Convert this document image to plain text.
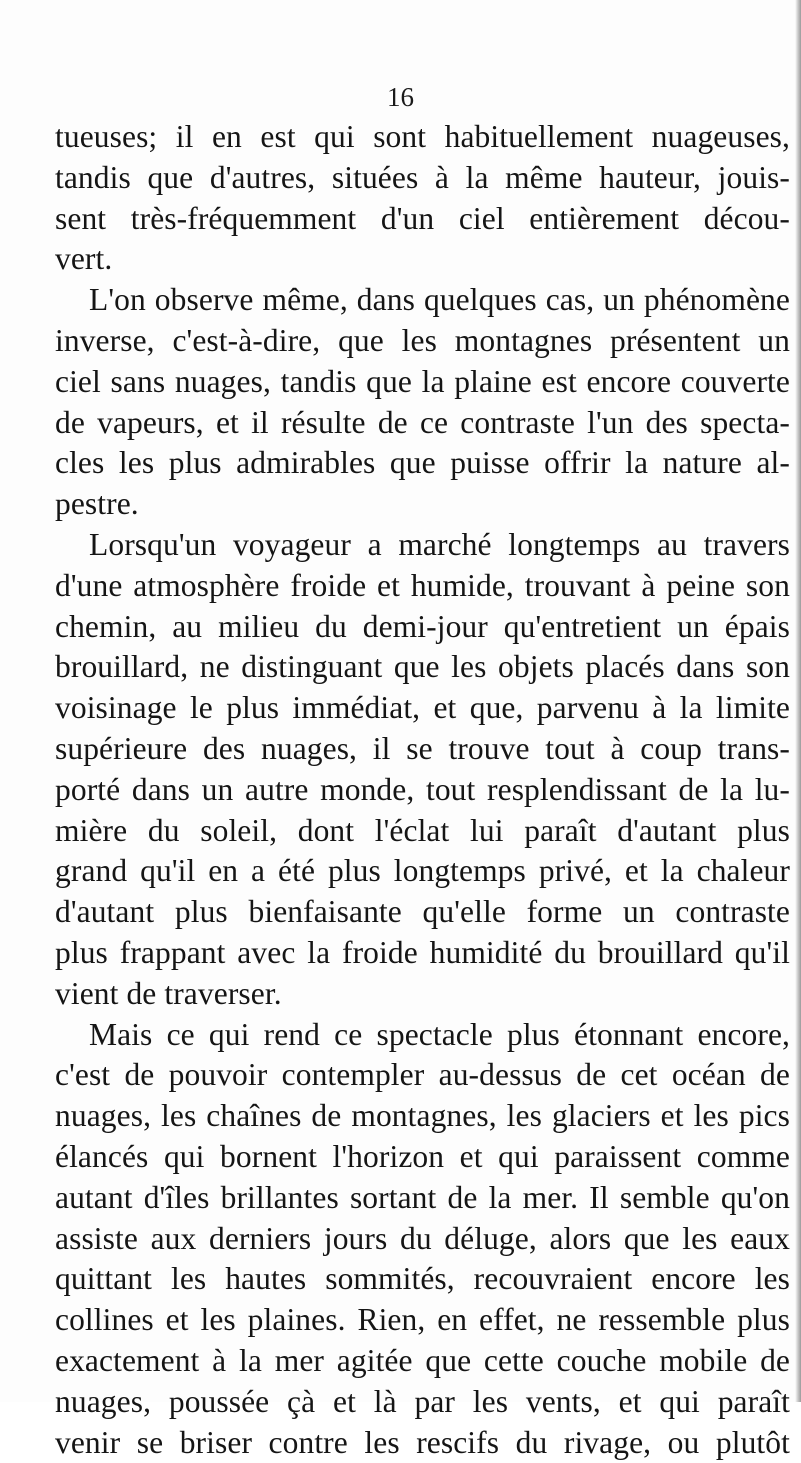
16
tueuses; il en est qui sont habituellement nuageuses,
tandis que d'autres, situées à la même hauteur, jouis-
sent très-fréquemment d'un ciel entièrement décou-
vert.
L'on observe même, dans quelques cas, un phénomène
inverse, c'est-à-dire, que les montagnes présentent un
ciel sans nuages, tandis que la plaine est encore couverte
de vapeurs, et il résulte de ce contraste l'un des specta-
cles les plus admirables que puisse offrir la nature al-
pestre.
Lorsqu'un voyageur a marché longtemps au travers
d'une atmosphère froide et humide, trouvant à peine son
chemin, au milieu du demi-jour qu'entretient un épais
brouillard, ne distinguant que les objets placés dans son
voisinage le plus immédiat, et que, parvenu à la limite
supérieure des nuages, il se trouve tout à coup trans-
porté dans un autre monde, tout resplendissant de la lu-
mière du soleil, dont l'éclat lui paraît d'autant plus
grand qu'il en a été plus longtemps privé, et la chaleur
d'autant plus bienfaisante qu'elle forme un contraste
plus frappant avec la froide humidité du brouillard qu'il
vient de traverser.
Mais ce qui rend ce spectacle plus étonnant encore,
c'est de pouvoir contempler au-dessus de cet océan de
nuages, les chaînes de montagnes, les glaciers et les pics
élancés qui bornent l'horizon et qui paraissent comme
autant d'îles brillantes sortant de la mer. Il semble qu'on
assiste aux derniers jours du déluge, alors que les eaux
quittant les hautes sommités, recouvraient encore les
collines et les plaines. Rien, en effet, ne ressemble plus
exactement à la mer agitée que cette couche mobile de
nuages, poussée çà et là par les vents, et qui paraît
venir se briser contre les rescifs du rivage, ou plutôt
